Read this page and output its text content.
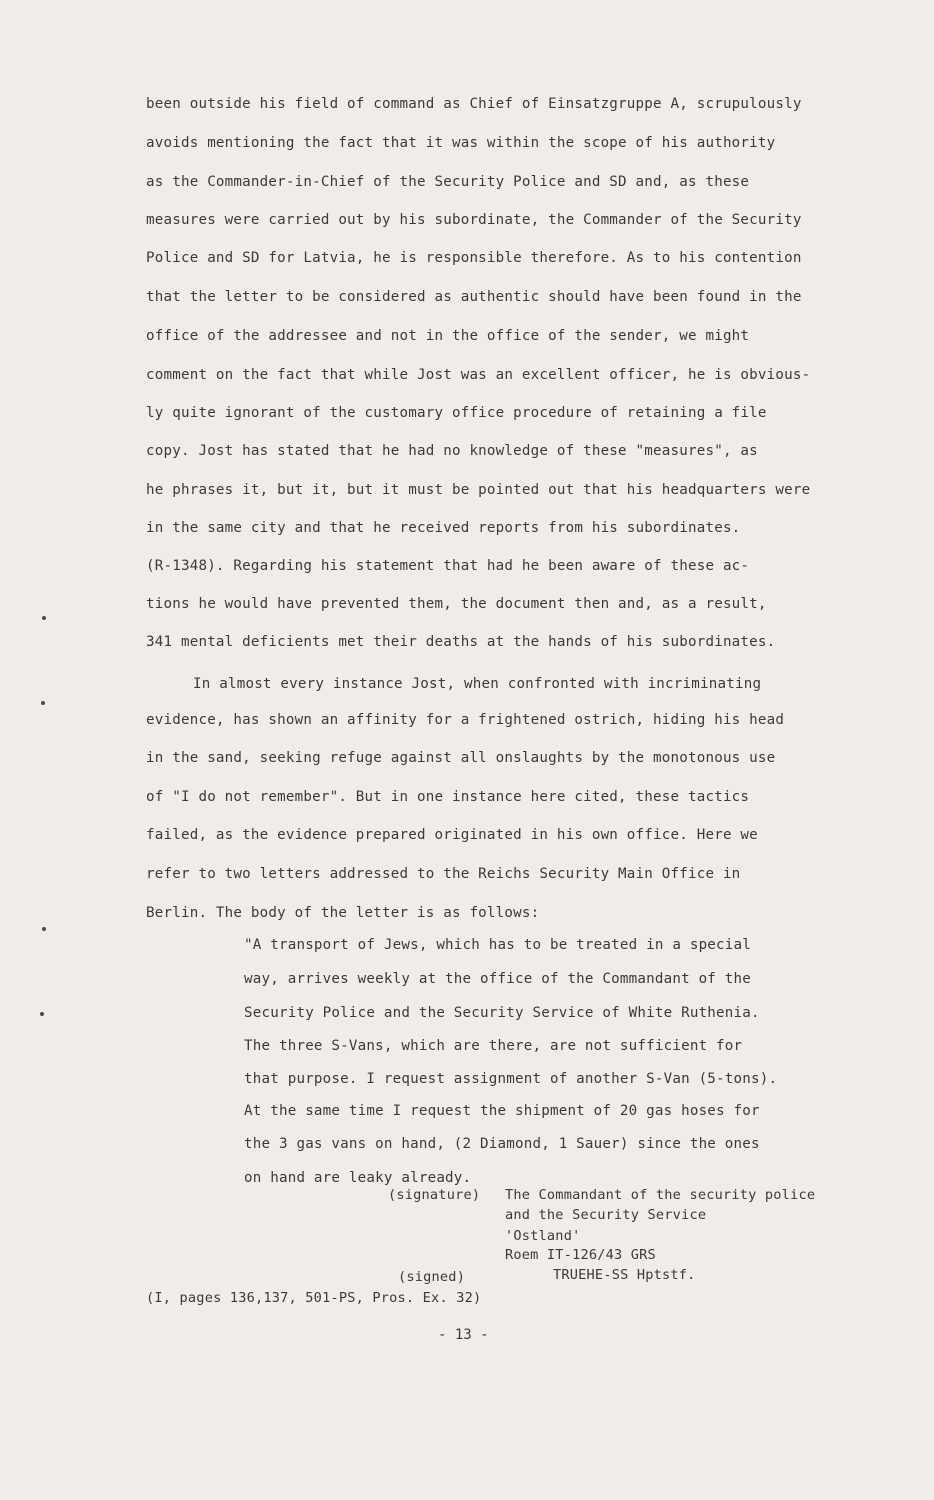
been outside his field of command as Chief of Einsatzgruppe A, scrupulously
avoids mentioning the fact that it was within the scope of his authority
as the Commander-in-Chief of the Security Police and SD and, as these
measures were carried out by his subordinate, the Commander of the Security
Police and SD for Latvia, he is responsible therefore. As to his contention
that the letter to be considered as authentic should have been found in the
office of the addressee and not in the office of the sender, we might
comment on the fact that while Jost was an excellent officer, he is obvious-
ly quite ignorant of the customary office procedure of retaining a file
copy. Jost has stated that he had no knowledge of these "measures", as
he phrases it, but it, but it must be pointed out that his headquarters were
in the same city and that he received reports from his subordinates.
(R-1348). Regarding his statement that had he been aware of these ac-
tions he would have prevented them, the document then and, as a result,
341 mental deficients met their deaths at the hands of his subordinates.
In almost every instance Jost, when confronted with incriminating
evidence, has shown an affinity for a frightened ostrich, hiding his head
in the sand, seeking refuge against all onslaughts by the monotonous use
of "I do not remember". But in one instance here cited, these tactics
failed, as the evidence prepared originated in his own office. Here we
refer to two letters addressed to the Reichs Security Main Office in
Berlin. The body of the letter is as follows:
"A transport of Jews, which has to be treated in a special
way, arrives weekly at the office of the Commandant of the
Security Police and the Security Service of White Ruthenia.
The three S-Vans, which are there, are not sufficient for
that purpose. I request assignment of another S-Van (5-tons).
At the same time I request the shipment of 20 gas hoses for
the 3 gas vans on hand, (2 Diamond, 1 Sauer) since the ones
on hand are leaky already.
(signature) The Commandant of the security police
and the Security Service
'Ostland'
Roem IT-126/43 GRS
(signed)	TRUEHE-SS Hptstf.
(I, pages 136,137, 501-PS, Pros. Ex. 32)
- 13 -
